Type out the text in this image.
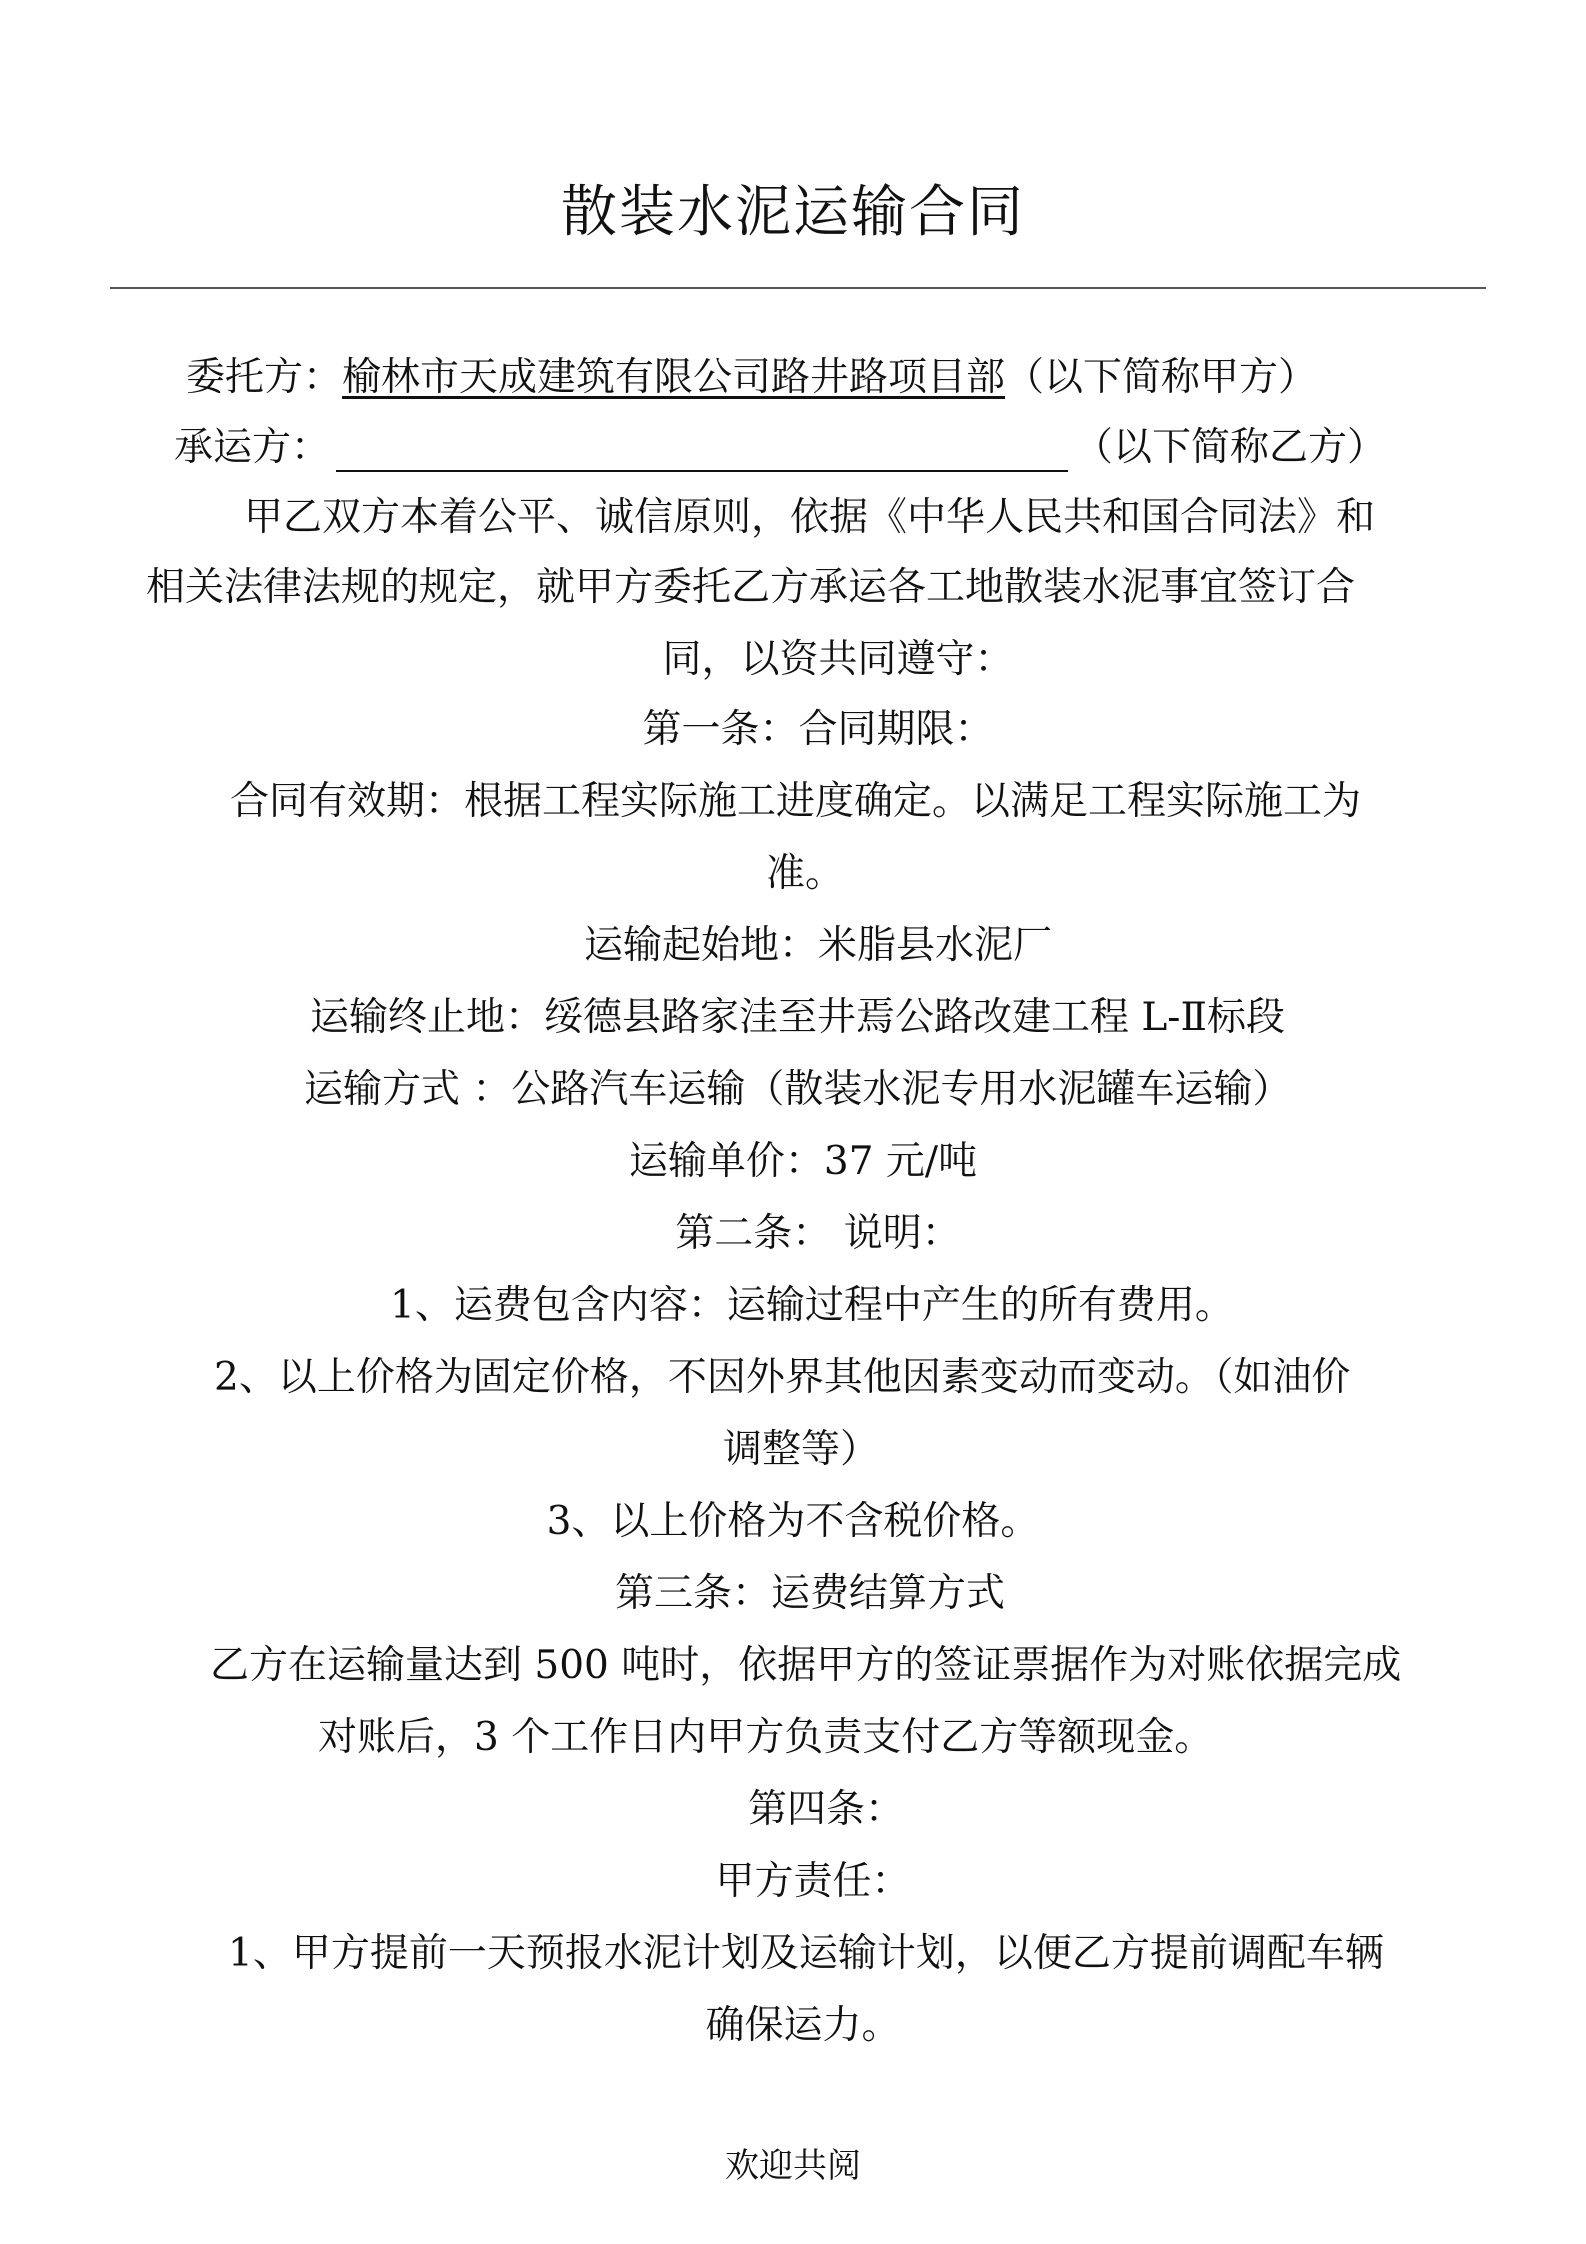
散装水泥运输合同
委托方：榆林市天成建筑有限公司路井路项目部（以下简称甲方）
承运方：	（以下简称乙方）
甲乙双方本着公平、诚信原则，依据《中华人民共和国合同法》和
相关法律法规的规定，就甲方委托乙方承运各工地散装水泥事宜签订合
同，以资共同遵守：
第一条：合同期限：
合同有效期：根据工程实际施工进度确定。以满足工程实际施工为
准。
运输起始地：米脂县水泥厂
运输终止地：绥德县路家洼至井焉公路改建工程 L-Ⅱ标段
运输方式 ：公路汽车运输（散装水泥专用水泥罐车运输）
运输单价：37 元/吨
第二条： 说明：
1、运费包含内容：运输过程中产生的所有费用。
2、以上价格为固定价格，不因外界其他因素变动而变动。（如油价
调整等）
3、以上价格为不含税价格。
第三条：运费结算方式
乙方在运输量达到 500 吨时，依据甲方的签证票据作为对账依据完成
对账后，3 个工作日内甲方负责支付乙方等额现金。
第四条：
甲方责任：
1、甲方提前一天预报水泥计划及运输计划，以便乙方提前调配车辆
确保运力。
欢迎共阅
